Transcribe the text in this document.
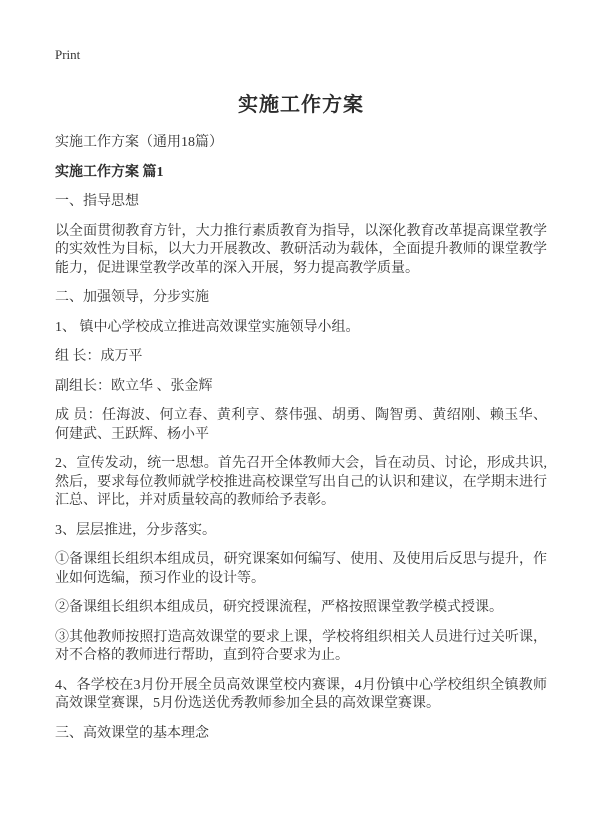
Print
实施工作方案

实施工作方案（通用18篇）

实施工作方案 篇1

一、指导思想

以全面贯彻教育方针，大力推行素质教育为指导，以深化教育改革提高课堂教学的实效性为目标，以大力开展教改、教研活动为载体，全面提升教师的课堂教学能力，促进课堂教学改革的深入开展，努力提高教学质量。

二、加强领导，分步实施

1、 镇中心学校成立推进高效课堂实施领导小组。

组 长：成万平

副组长：欧立华 、张金辉

成 员：任海波、何立春、黄利亨、蔡伟强、胡勇、陶智勇、黄绍刚、赖玉华、何建武、王跃辉、杨小平

2、宣传发动，统一思想。首先召开全体教师大会，旨在动员、讨论，形成共识,然后，要求每位教师就学校推进高校课堂写出自己的认识和建议，在学期末进行汇总、评比，并对质量较高的教师给予表彰。

3、层层推进，分步落实。

①备课组长组织本组成员，研究课案如何编写、使用、及使用后反思与提升，作业如何选编，预习作业的设计等。

②备课组长组织本组成员，研究授课流程，严格按照课堂教学模式授课。

③其他教师按照打造高效课堂的要求上课，学校将组织相关人员进行过关听课，对不合格的教师进行帮助，直到符合要求为止。

4、各学校在3月份开展全员高效课堂校内赛课，4月份镇中心学校组织全镇教师高效课堂赛课，5月份选送优秀教师参加全县的高效课堂赛课。

三、高效课堂的基本理念
